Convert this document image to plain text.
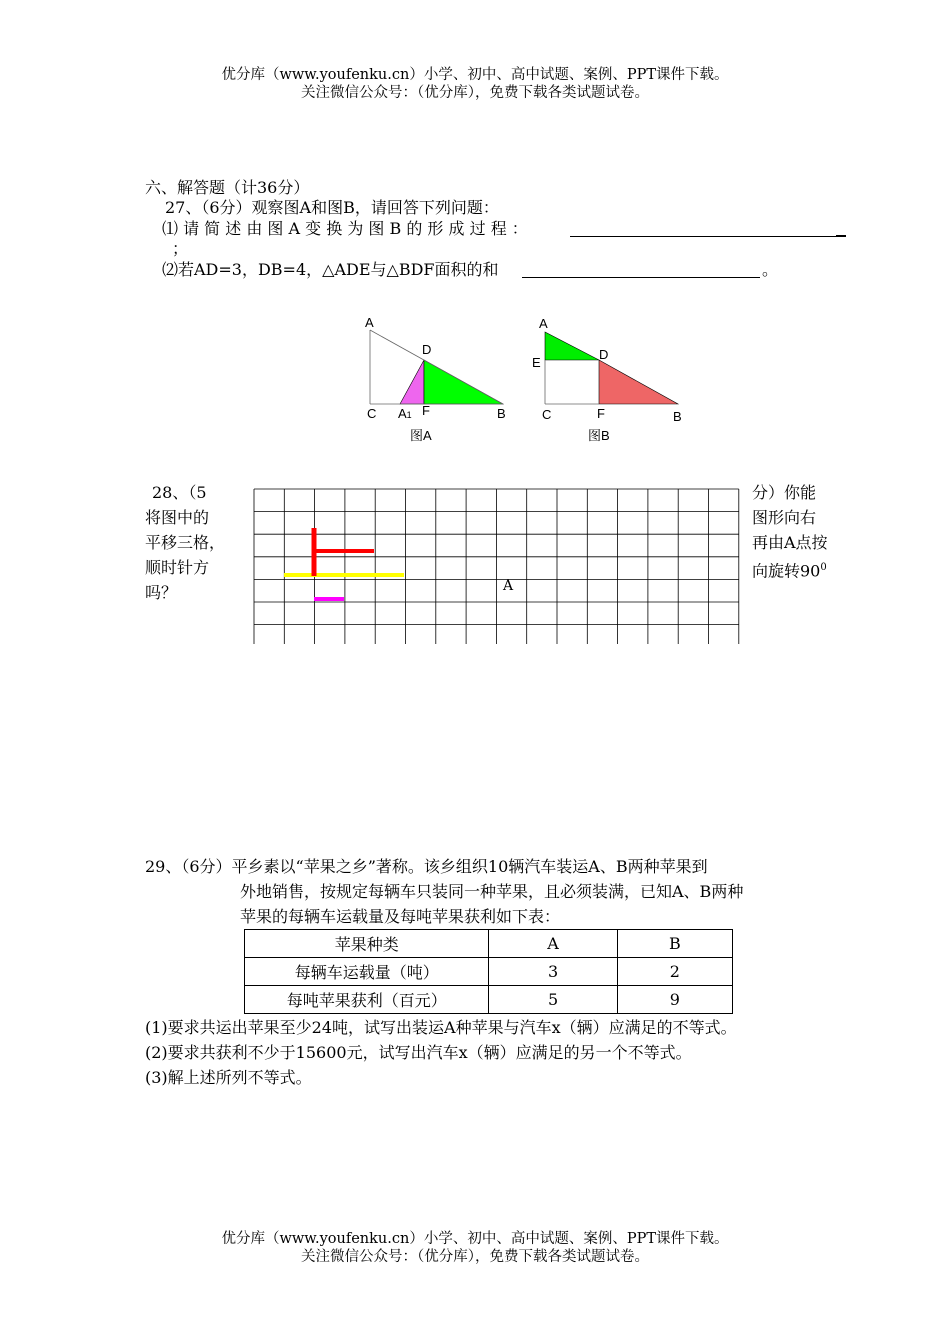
优分库（www.youfenku.cn）小学、初中、高中试题、案例、PPT课件下载。
关注微信公众号：（优分库），免费下载各类试题试卷。
六、解答题（计36分）
27、（6分）观察图A和图B，请回答下列问题：
⑴ 请 简 述 由 图 A 变 换 为 图 B 的 形 成 过 程 ：
；
⑵若AD=3，DB=4，△ADE与△BDF面积的和	。
A
D
C A1 F	B
图A
A
D
E
C	F	B
图B
28、（5
将图中的
平移三格，
顺时针方
吗？
分）你能
图形向右
再由A点按
向旋转$90^0$
A
29、（6分）平乡素以“苹果之乡”著称。该乡组织10辆汽车装运A、B两种苹果到
外地销售，按规定每辆车只装同一种苹果，且必须装满，已知A、B两种
苹果的每辆车运载量及每吨苹果获利如下表：
苹果种类	A	B
每辆车运载量（吨）	3	2
每吨苹果获利（百元）	5	9
(1)要求共运出苹果至少24吨，试写出装运A种苹果与汽车x（辆）应满足的不等式。
(2)要求共获利不少于15600元，试写出汽车x（辆）应满足的另一个不等式。
(3)解上述所列不等式。
优分库（www.youfenku.cn）小学、初中、高中试题、案例、PPT课件下载。
关注微信公众号：（优分库），免费下载各类试题试卷。
